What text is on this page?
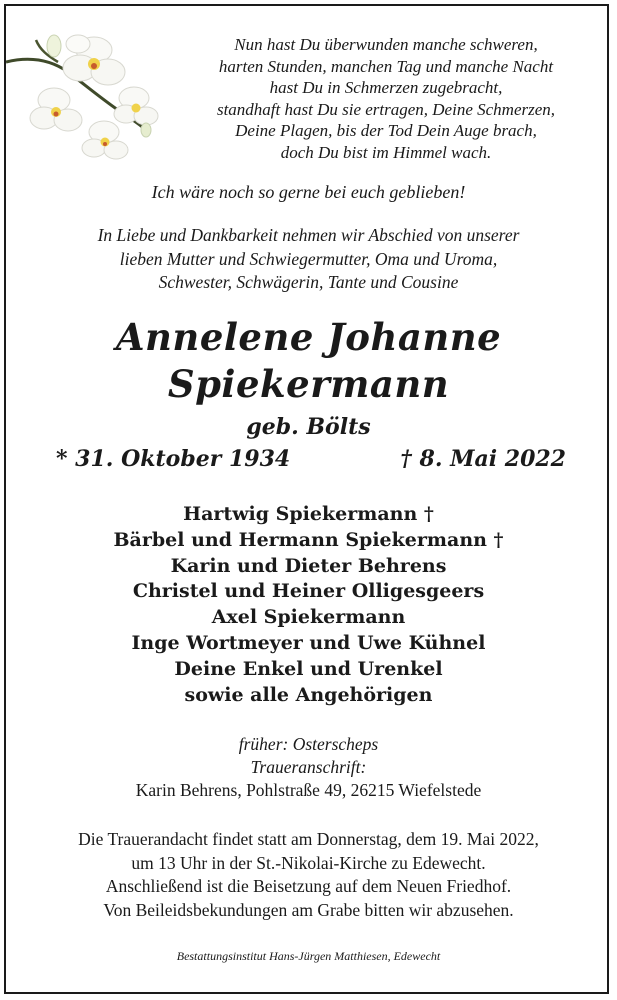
Nun hast Du überwunden manche schweren,
harten Stunden, manchen Tag und manche Nacht
hast Du in Schmerzen zugebracht,
standhaft hast Du sie ertragen, Deine Schmerzen,
Deine Plagen, bis der Tod Dein Auge brach,
doch Du bist im Himmel wach.
Ich wäre noch so gerne bei euch geblieben!
In Liebe und Dankbarkeit nehmen wir Abschied von unserer
lieben Mutter und Schwiegermutter, Oma und Uroma,
Schwester, Schwägerin, Tante und Cousine
Annelene Johanne
Spiekermann
geb. Bölts
* 31. Oktober 1934	† 8. Mai 2022
Hartwig Spiekermann †
Bärbel und Hermann Spiekermann †
Karin und Dieter Behrens
Christel und Heiner Olligesgeers
Axel Spiekermann
Inge Wortmeyer und Uwe Kühnel
Deine Enkel und Urenkel
sowie alle Angehörigen
früher: Osterscheps
Traueranschrift:
Karin Behrens, Pohlstraße 49, 26215 Wiefelstede
Die Trauerandacht findet statt am Donnerstag, dem 19. Mai 2022,
um 13 Uhr in der St.-Nikolai-Kirche zu Edewecht.
Anschließend ist die Beisetzung auf dem Neuen Friedhof.
Von Beileidsbekundungen am Grabe bitten wir abzusehen.
Bestattungsinstitut Hans-Jürgen Matthiesen, Edewecht
